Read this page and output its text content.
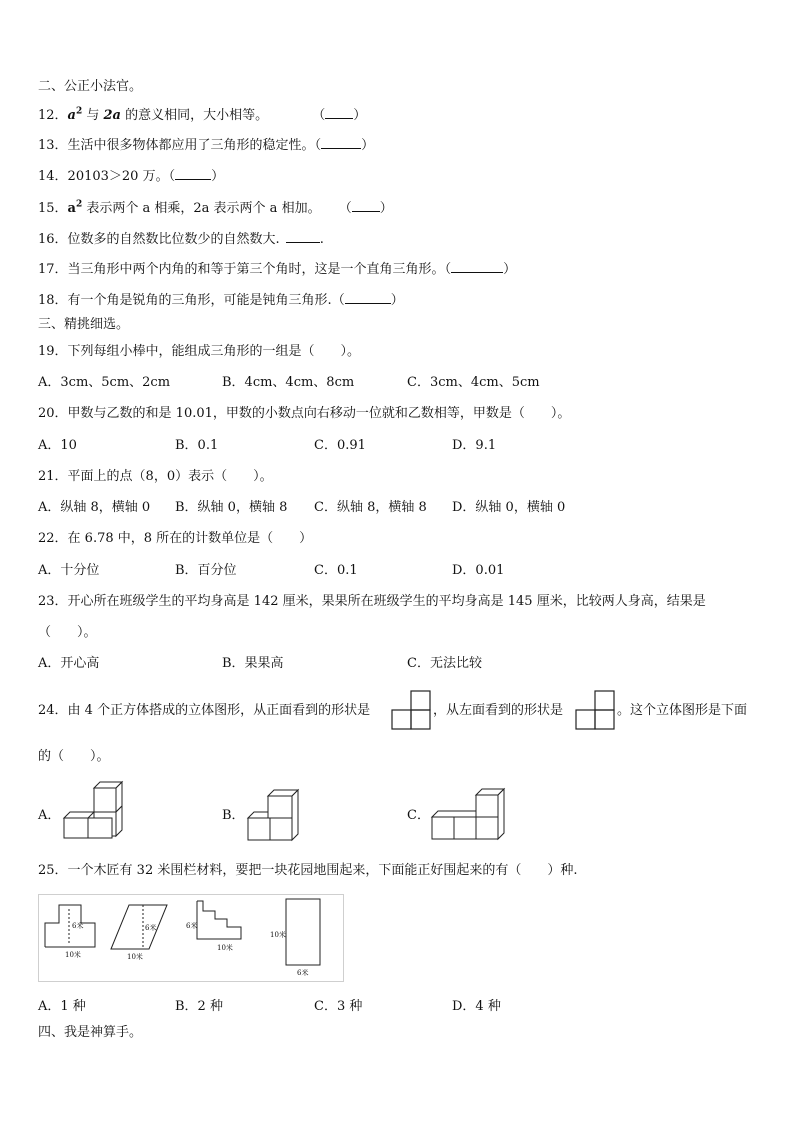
二、公正小法官。
12．$a^2$ 与 2a 的意义相同，大小相等。	（ ）
13．生活中很多物体都应用了三角形的稳定性。（	）
14．20103＞20 万。（	）
15．$a^2$ 表示两个 a 相乘，2a 表示两个 a 相加。 （ ）
16．位数多的自然数比位数少的自然数大.	.
17．当三角形中两个内角的和等于第三个角时，这是一个直角三角形。（	）
18．有一个角是锐角的三角形，可能是钝角三角形.（	）
三、精挑细选。
19．下列每组小棒中，能组成三角形的一组是（　　）。
A．3cm、5cm、2cm	B．4cm、4cm、8cm	C．3cm、4cm、5cm
20．甲数与乙数的和是 10.01，甲数的小数点向右移动一位就和乙数相等，甲数是（　　）。
A．10	B．0.1	C．0.91	D．9.1
21．平面上的点（8，0）表示（　　）。
A．纵轴 8，横轴 0 B．纵轴 0，横轴 8 C．纵轴 8，横轴 8 D．纵轴 0，横轴 0
22．在 6.78 中，8 所在的计数单位是（　　）
A．十分位	B．百分位	C．0.1	D．0.01
23．开心所在班级学生的平均身高是 142 厘米，果果所在班级学生的平均身高是 145 厘米，比较两人身高，结果是
（　　）。
A．开心高	B．果果高	C．无法比较
24．由 4 个正方体搭成的立体图形，从正面看到的形状是	，从左面看到的形状是	。这个立体图形是下面
的（　　）。
A．	B．	C．
25．一个木匠有 32 米围栏材料，要把一块花园地围起来，下面能正好围起来的有（　　）种.
6米
10米
6米
10米
6米
10米
10米
6米
A．1 种	B．2 种	C．3 种	D．4 种
四、我是神算手。
